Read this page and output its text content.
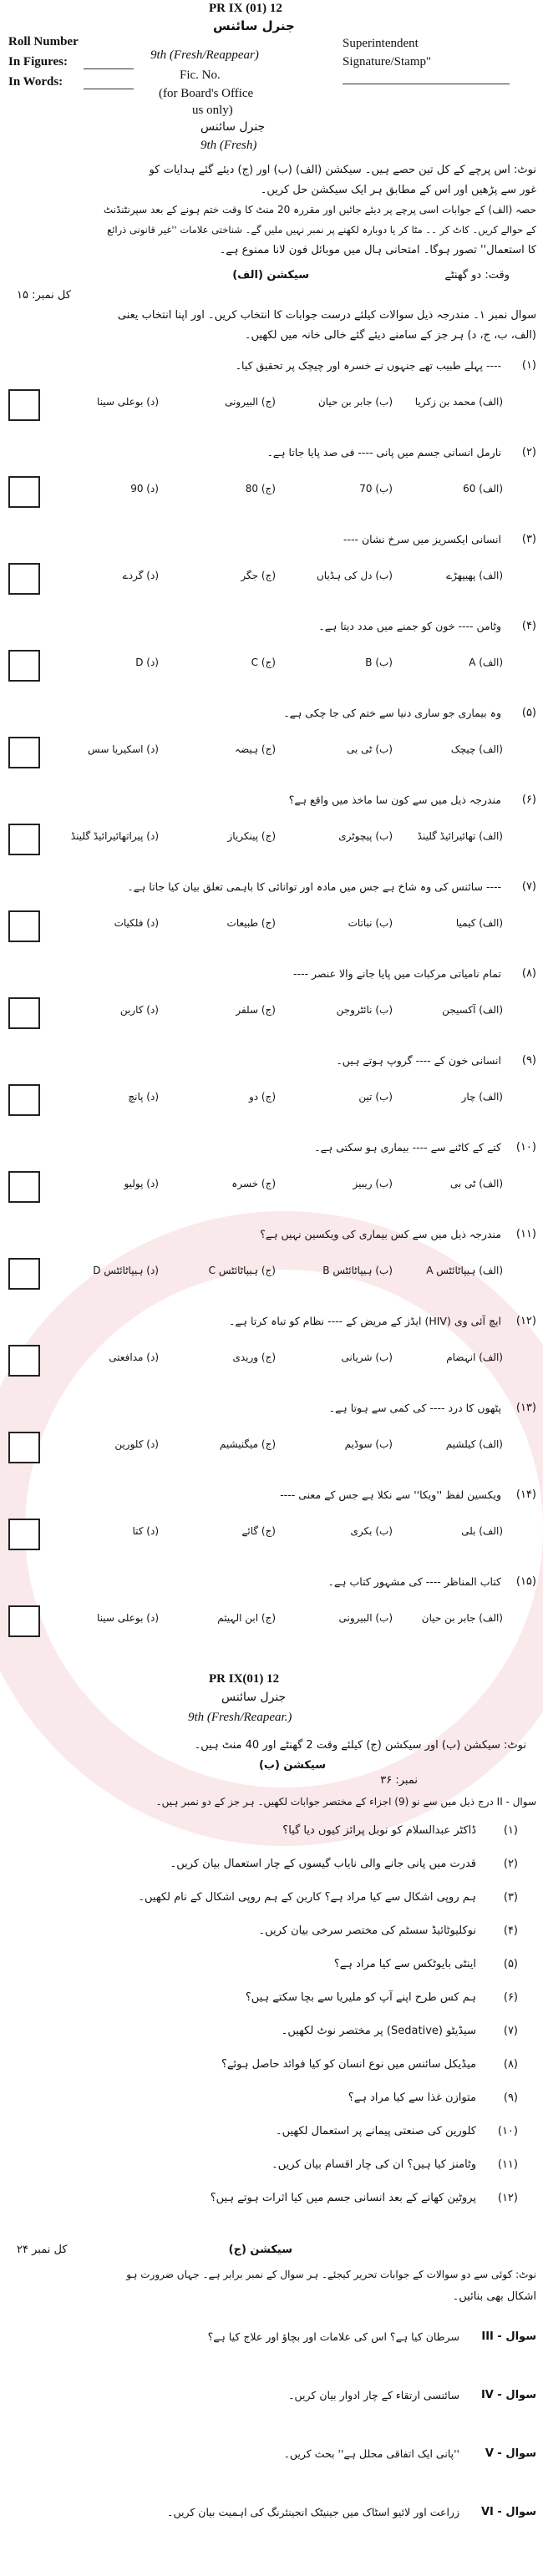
PR IX (01) 12
جنرل سائنس
Roll Number
In Figures:
In Words:
9th (Fresh/Reappear)
Fic. No.
(for Board's Office
us only)
جنرل سائنس
9th (Fresh)
Superintendent
Signature/Stamp"
نوٹ: اس پرچے کے کل تین حصے ہیں۔ سیکشن (الف) (ب) اور (ج) دیئے گئے ہدایات کو
غور سے پڑھیں اور اس کے مطابق ہر ایک سیکشن حل کریں۔
حصہ (الف) کے جوابات اسی پرچے پر دیئے جائیں اور مقررہ 20 منٹ کا وقت ختم ہونے کے بعد سپرنٹنڈنٹ
کے حوالے کریں۔ کاٹ کر ۔۔ مٹا کر یا دوبارہ لکھنے پر نمبر نہیں ملیں گے۔ شناختی علامات ''غیر قانونی ذرائع
کا استعمال'' تصور ہوگا۔ امتحانی ہال میں موبائل فون لانا ممنوع ہے۔
وقت: دو گھنٹے
سیکشن (الف)
کل نمبر: ۱۵
سوال نمبر ۱۔ مندرجہ ذیل سوالات کیلئے درست جوابات کا انتخاب کریں۔ اور اپنا انتخاب یعنی
(الف، ب، ج، د) ہر جز کے سامنے دیئے گئے خالی خانہ میں لکھیں۔
(۱)
---- پہلے طبیب تھے جنہوں نے خسرہ اور چیچک پر تحقیق کیا۔
(الف) محمد بن زکریا
(ب) جابر بن حیان
(ج) البیرونی
(د) بوعلی سینا
(۲)
نارمل انسانی جسم میں پانی ---- فی صد پایا جاتا ہے۔
(الف) 60
(ب) 70
(ج) 80
(د) 90
(۳)
انسانی ایکسریز میں سرخ نشان ----
(الف) پھیپھڑے
(ب) دل کی ہڈیاں
(ج) جگر
(د) گردے
(۴)
وٹامن ---- خون کو جمنے میں مدد دیتا ہے۔
(الف) A
(ب) B
(ج) C
(د) D
(۵)
وہ بیماری جو ساری دنیا سے ختم کی جا چکی ہے۔
(الف) چیچک
(ب) ٹی بی
(ج) ہیضہ
(د) اسکیریا سس
(۶)
مندرجہ ذیل میں سے کون سا ماخذ میں واقع ہے؟
(الف) تھائیرائیڈ گلینڈ
(ب) پیچوٹری
(ج) پینکریاز
(د) پیراتھائیرائیڈ گلینڈ
(۷)
---- سائنس کی وہ شاخ ہے جس میں مادہ اور توانائی کا باہمی تعلق بیان کیا جاتا ہے۔
(الف) کیمیا
(ب) نباتات
(ج) طبیعات
(د) فلکیات
(۸)
تمام نامیاتی مرکبات میں پایا جانے والا عنصر ----
(الف) آکسیجن
(ب) نائٹروجن
(ج) سلفر
(د) کاربن
(۹)
انسانی خون کے ---- گروپ ہوتے ہیں۔
(الف) چار
(ب) تین
(ج) دو
(د) پانچ
(۱۰)
کتے کے کاٹنے سے ---- بیماری ہو سکتی ہے۔
(الف) ٹی بی
(ب) ریبیز
(ج) خسرہ
(د) پولیو
(۱۱)
مندرجہ ذیل میں سے کس بیماری کی ویکسین نہیں ہے؟
(الف) ہیپاٹائٹس A
(ب) ہیپاٹائٹس B
(ج) ہیپاٹائٹس C
(د) ہیپاٹائٹس D
(۱۲)
ایچ آئی وی (HIV) ایڈز کے مریض کے ---- نظام کو تباہ کرتا ہے۔
(الف) انہضام
(ب) شریانی
(ج) وریدی
(د) مدافعتی
(۱۳)
پٹھوں کا درد ---- کی کمی سے ہوتا ہے۔
(الف) کیلشیم
(ب) سوڈیم
(ج) میگنیشیم
(د) کلورین
(۱۴)
ویکسین لفظ ''ویکا'' سے نکلا ہے جس کے معنی ----
(الف) بلی
(ب) بکری
(ج) گائے
(د) کتا
(۱۵)
کتاب المناظر ---- کی مشہور کتاب ہے۔
(الف) جابر بن حیان
(ب) البیرونی
(ج) ابن الہیثم
(د) بوعلی سینا
PR IX(01) 12
جنرل سائنس
9th (Fresh/Reapear.)
نوٹ: سیکشن (ب) اور سیکشن (ج) کیلئے وقت 2 گھنٹے اور 40 منٹ ہیں۔
سیکشن (ب)
نمبر: ۳۶
سوال - II درج ذیل میں سے نو (9) اجزاء کے مختصر جوابات لکھیں۔ ہر جز کے دو نمبر ہیں۔
(۱)
ڈاکٹر عبدالسلام کو نوبل پرائز کیوں دیا گیا؟
(۲)
قدرت میں پانی جانے والی نایاب گیسوں کے چار استعمال بیان کریں۔
(۳)
ہم روپی اشکال سے کیا مراد ہے؟ کاربن کے ہم روپی اشکال کے نام لکھیں۔
(۴)
نوکلیوٹائیڈ سسٹم کی مختصر سرخی بیان کریں۔
(۵)
اینٹی بایوٹکس سے کیا مراد ہے؟
(۶)
ہم کس طرح اپنے آپ کو ملیریا سے بچا سکتے ہیں؟
(۷)
سیڈیٹو (Sedative) پر مختصر نوٹ لکھیں۔
(۸)
میڈیکل سائنس میں نوع انسان کو کیا فوائد حاصل ہوئے؟
(۹)
متوازن غذا سے کیا مراد ہے؟
(۱۰)
کلورین کی صنعتی پیمانے پر استعمال لکھیں۔
(۱۱)
وٹامنز کیا ہیں؟ ان کی چار اقسام بیان کریں۔
(۱۲)
پروٹین کھانے کے بعد انسانی جسم میں کیا اثرات ہوتے ہیں؟
سیکشن (ج)
کل نمبر ۲۴
نوٹ: کوئی سے دو سوالات کے جوابات تحریر کیجئے۔ ہر سوال کے نمبر برابر ہے۔ جہاں ضرورت ہو
اشکال بھی بنائیں۔
سوال - III
سرطان کیا ہے؟ اس کی علامات اور بچاؤ اور علاج کیا ہے؟
سوال - IV
سائنسی ارتقاء کے چار ادوار بیان کریں۔
سوال - V
''پانی ایک اتفاقی محلل ہے'' بحث کریں۔
سوال - VI
زراعت اور لائیو اسٹاک میں جینیٹک انجینئرنگ کی اہمیت بیان کریں۔
